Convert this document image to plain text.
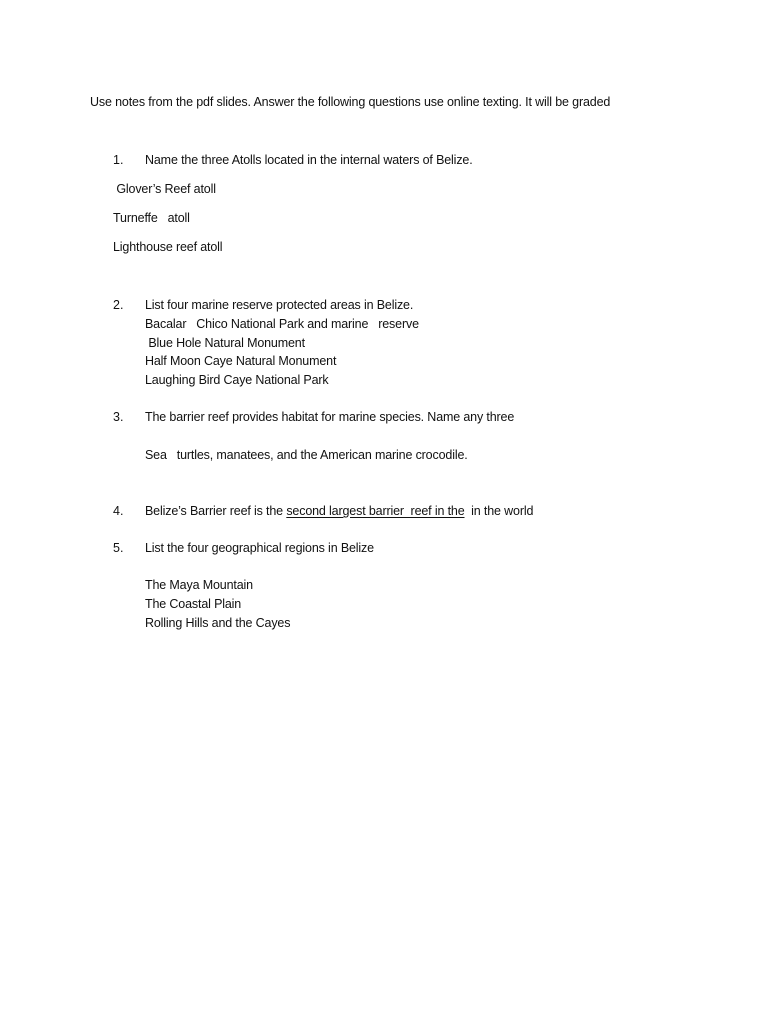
Use notes from the pdf slides. Answer the following questions use online texting. It will be graded
1. Name the three Atolls located in the internal waters of Belize.
Glover’s Reef atoll
Turneffe   atoll
Lighthouse reef atoll
2. List four marine reserve protected areas in Belize.
Bacalar   Chico National Park and marine   reserve
Blue Hole Natural Monument
Half Moon Caye Natural Monument
Laughing Bird Caye National Park
3. The barrier reef provides habitat for marine species. Name any three
Sea   turtles, manatees, and the American marine crocodile.
4. Belize’s Barrier reef is the second largest barrier  reef in the  in the world
5. List the four geographical regions in Belize
The Maya Mountain
The Coastal Plain
Rolling Hills and the Cayes
